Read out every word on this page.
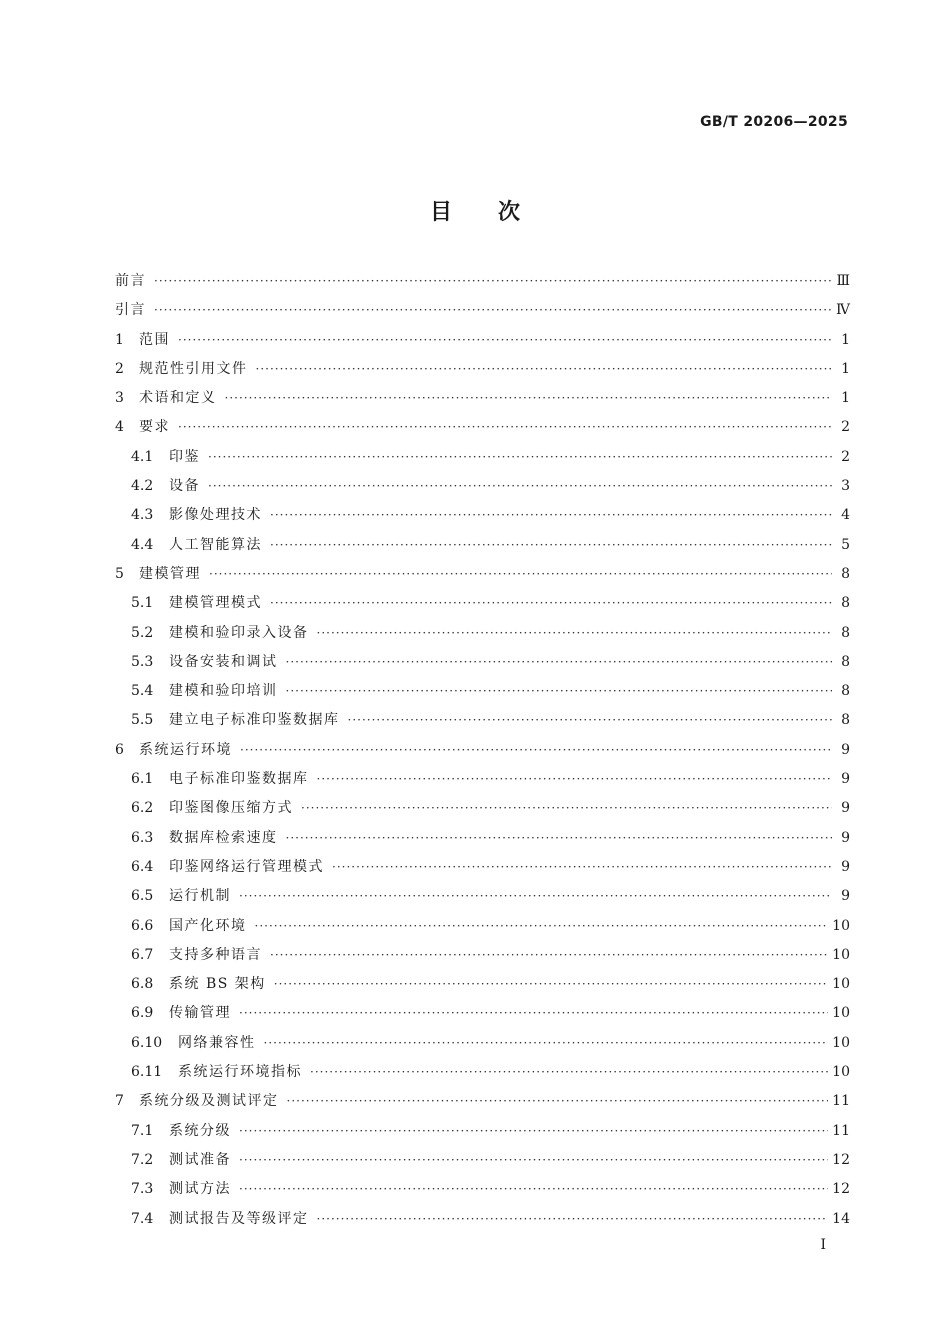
GB/T 20206—2025
目 次
前言 ·····	Ⅲ
引言 ·····	Ⅳ
1	范围 ·····	1
2	规范性引用文件 ·····	1
3	术语和定义 ·····	1
4	要求 ·····	2
4.1	印鉴 ·····	2
4.2	设备 ·····	3
4.3	影像处理技术 ·····	4
4.4	人工智能算法 ·····	5
5	建模管理 ·····	8
5.1	建模管理模式 ·····	8
5.2	建模和验印录入设备 ·····	8
5.3	设备安装和调试 ·····	8
5.4	建模和验印培训 ·····	8
5.5	建立电子标准印鉴数据库 ·····	8
6	系统运行环境 ·····	9
6.1	电子标准印鉴数据库 ·····	9
6.2	印鉴图像压缩方式 ·····	9
6.3	数据库检索速度 ·····	9
6.4	印鉴网络运行管理模式 ·····	9
6.5	运行机制 ·····	9
6.6	国产化环境 ·····	10
6.7	支持多种语言 ·····	10
6.8	系统 BS 架构 ·····	10
6.9	传输管理 ·····	10
6.10	网络兼容性 ·····	10
6.11	系统运行环境指标 ·····	10
7	系统分级及测试评定 ·····	11
7.1	系统分级 ·····	11
7.2	测试准备 ·····	12
7.3	测试方法 ·····	12
7.4	测试报告及等级评定 ·····	14
I
